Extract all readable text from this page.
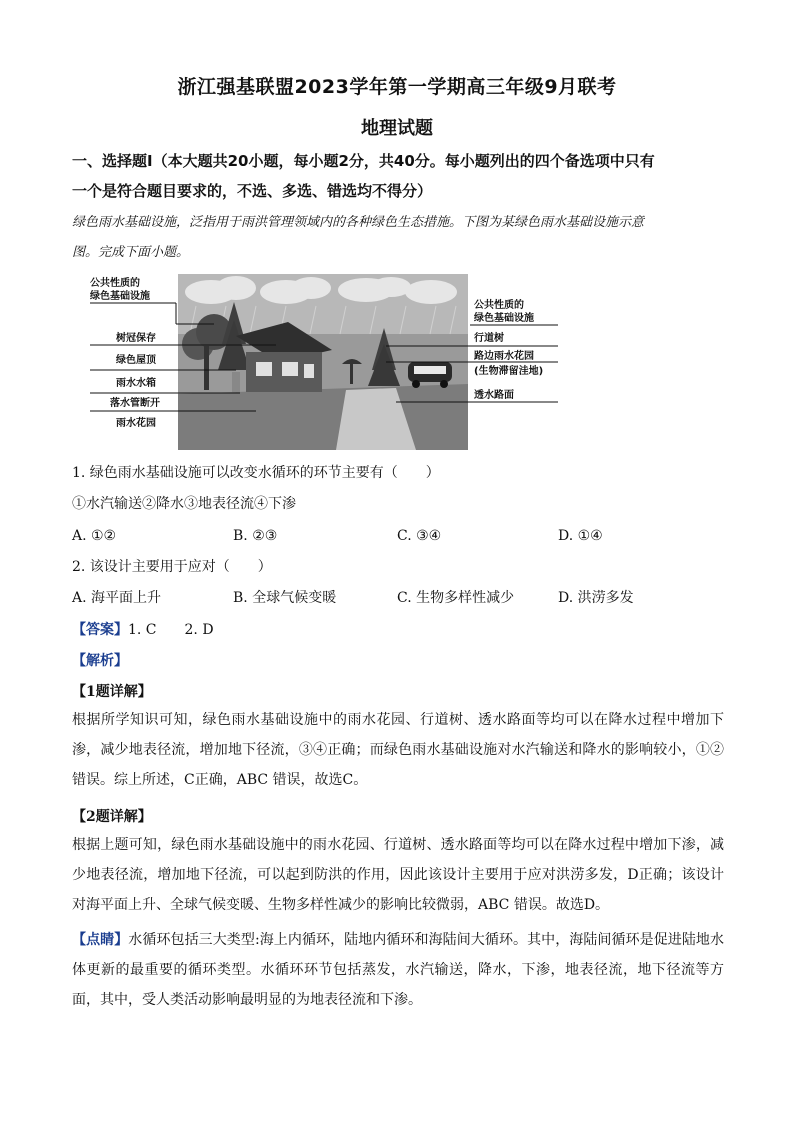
浙江强基联盟2023学年第一学期高三年级9月联考
地理试题
一、选择题Ⅰ（本大题共20小题，每小题2分，共40分。每小题列出的四个备选项中只有
一个是符合题目要求的，不选、多选、错选均不得分）
绿色雨水基础设施，泛指用于雨洪管理领域内的各种绿色生态措施。下图为某绿色雨水基础设施示意
图。完成下面小题。
公共性质的
绿色基础设施
树冠保存
绿色屋顶
雨水水箱
落水管断开
雨水花园
公共性质的
绿色基础设施
行道树
路边雨水花园
(生物滞留洼地)
透水路面
1. 绿色雨水基础设施可以改变水循环的环节主要有（　　）
①水汽输送②降水③地表径流④下渗
A. ①②	B. ②③	C. ③④	D. ①④
2. 该设计主要用于应对（　　）
A. 海平面上升	B. 全球气候变暖	C. 生物多样性减少	D. 洪涝多发
【答案】1. C　　2. D
【解析】
【1题详解】
根据所学知识可知，绿色雨水基础设施中的雨水花园、行道树、透水路面等均可以在降水过程中增加下渗，减少地表径流，增加地下径流，③④正确；而绿色雨水基础设施对水汽输送和降水的影响较小，①②错误。综上所述，C正确，ABC 错误，故选C。
【2题详解】
根据上题可知，绿色雨水基础设施中的雨水花园、行道树、透水路面等均可以在降水过程中增加下渗，减少地表径流，增加地下径流，可以起到防洪的作用，因此该设计主要用于应对洪涝多发，D正确；该设计对海平面上升、全球气候变暖、生物多样性减少的影响比较微弱，ABC 错误。故选D。
【点睛】水循环包括三大类型:海上内循环，陆地内循环和海陆间大循环。其中，海陆间循环是促进陆地水体更新的最重要的循环类型。水循环环节包括蒸发，水汽输送，降水，下渗，地表径流，地下径流等方面，其中，受人类活动影响最明显的为地表径流和下渗。
